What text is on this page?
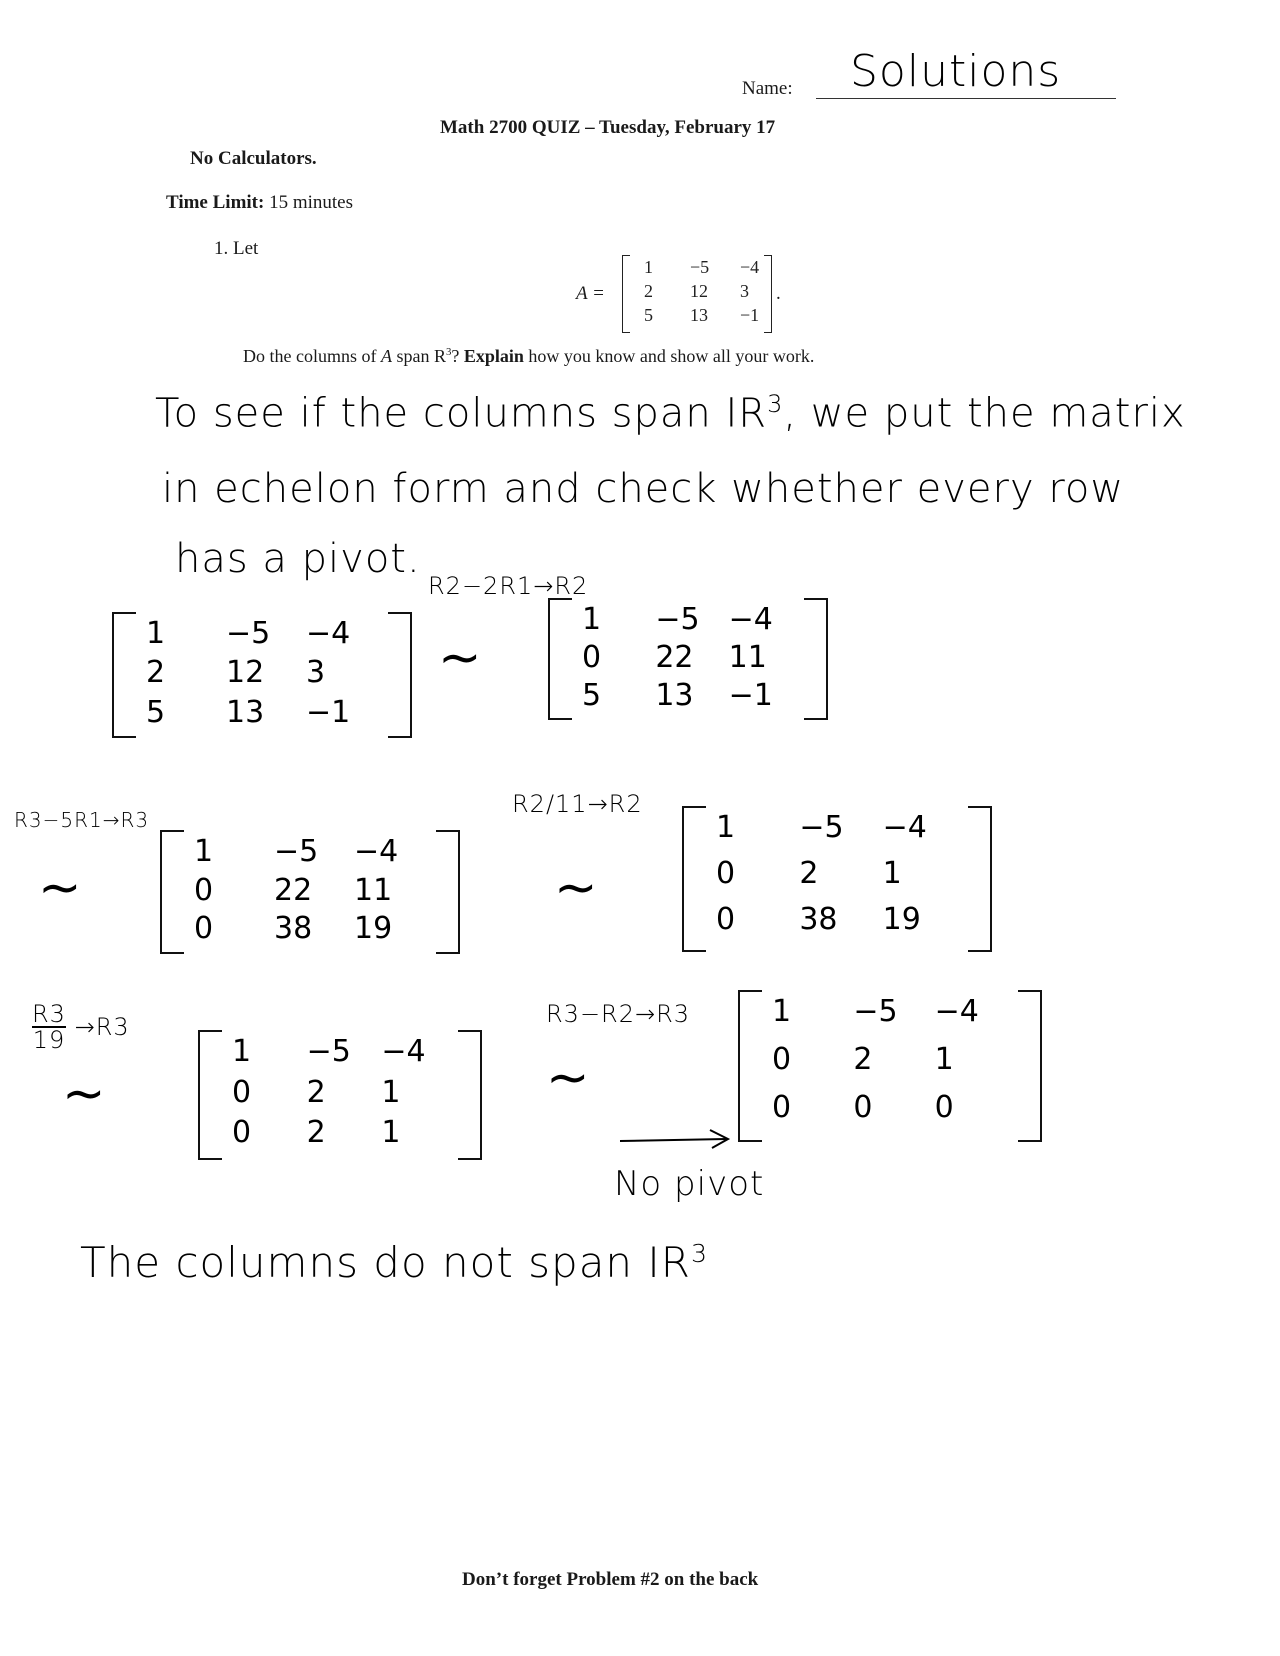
Name: Solutions
Math 2700 QUIZ – Tuesday, February 17
No Calculators.
Time Limit: 15 minutes
1. Let
A =
1 −5 −4
2 12 3
5 13 −1
.
Do the columns of A span $R^3$? Explain how you know and show all your work.
To see if the columns span $IR^3$, we put the matrix
in echelon form and check whether every row
has a pivot.
R2−2R1→R2
1 −5 −4
2 12 3
5 13 −1
~
1 −5 −4
0 22 11
5 13 −1
R3−5R1→R3
~
1 −5 −4
0 22 11
0 38 19
R2/11→R2
~
1 −5 −4
0 2 1
0 38 19
$\frac{R3}{19} \to R3$
~
1 −5 −4
0 2 1
0 2 1
R3−R2→R3
~
1 −5 −4
0 2 1
0 0 0
No pivot
The columns do not span $IR^3$
Don’t forget Problem #2 on the back
